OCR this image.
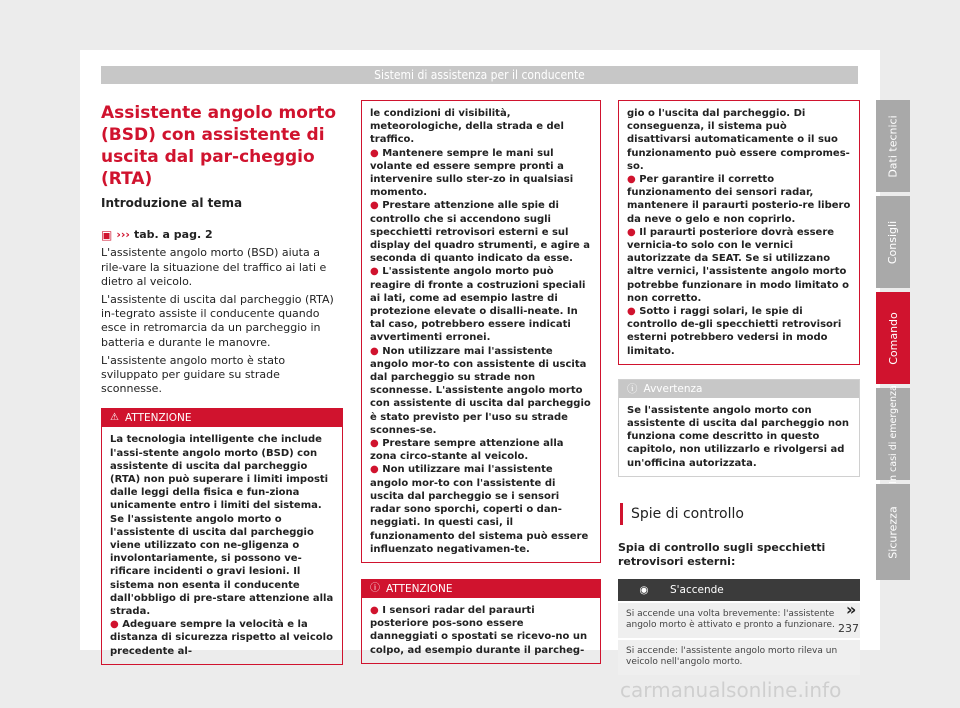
Sistemi di assistenza per il conducente
Assistente angolo morto (BSD) con assistente di uscita dal par-cheggio (RTA)
Introduzione al tema
▣ ››› tab. a pag. 2

L'assistente angolo morto (BSD) aiuta a rile-vare la situazione del traffico ai lati e dietro al veicolo.

L'assistente di uscita dal parcheggio (RTA) in-tegrato assiste il conducente quando esce in retromarcia da un parcheggio in batteria e durante le manovre.

L'assistente angolo morto è stato sviluppato per guidare su strade sconnesse.

⚠ ATTENZIONE
La tecnologia intelligente che include l'assi-stente angolo morto (BSD) con assistente di uscita dal parcheggio (RTA) non può superare i limiti imposti dalle leggi della fisica e fun-ziona unicamente entro i limiti del sistema. Se l'assistente angolo morto o l'assistente di uscita dal parcheggio viene utilizzato con ne-gligenza o involontariamente, si possono ve-rificare incidenti o gravi lesioni. Il sistema non esenta il conducente dall'obbligo di pre-stare attenzione alla strada.
● Adeguare sempre la velocità e la distanza di sicurezza rispetto al veicolo precedente al-
le condizioni di visibilità, meteorologiche, della strada e del traffico.
● Mantenere sempre le mani sul volante ed essere sempre pronti a intervenire sullo ster-zo in qualsiasi momento.
● Prestare attenzione alle spie di controllo che si accendono sugli specchietti retrovisori esterni e sul display del quadro strumenti, e agire a seconda di quanto indicato da esse.
● L'assistente angolo morto può reagire di fronte a costruzioni speciali ai lati, come ad esempio lastre di protezione elevate o disalli-neate. In tal caso, potrebbero essere indicati avvertimenti erronei.
● Non utilizzare mai l'assistente angolo mor-to con assistente di uscita dal parcheggio su strade non sconnesse. L'assistente angolo morto con assistente di uscita dal parcheggio è stato previsto per l'uso su strade sconnes-se.
● Prestare sempre attenzione alla zona circo-stante al veicolo.
● Non utilizzare mai l'assistente angolo mor-to con l'assistente di uscita dal parcheggio se i sensori radar sono sporchi, coperti o dan-neggiati. In questi casi, il funzionamento del sistema può essere influenzato negativamen-te.
ⓘ ATTENZIONE
● I sensori radar del paraurti posteriore pos-sono essere danneggiati o spostati se ricevo-no un colpo, ad esempio durante il parcheg-
gio o l'uscita dal parcheggio. Di conseguenza, il sistema può disattivarsi automaticamente o il suo funzionamento può essere compromes-so.
● Per garantire il corretto funzionamento dei sensori radar, mantenere il paraurti posterio-re libero da neve o gelo e non coprirlo.
● Il paraurti posteriore dovrà essere vernicia-to solo con le vernici autorizzate da SEAT. Se si utilizzano altre vernici, l'assistente angolo morto potrebbe funzionare in modo limitato o non corretto.
● Sotto i raggi solari, le spie di controllo de-gli specchietti retrovisori esterni potrebbero vedersi in modo limitato.
ⓘ Avvertenza
Se l'assistente angolo morto con assistente di uscita dal parcheggio non funziona come descritto in questo capitolo, non utilizzarlo e rivolgersi ad un'officina autorizzata.
Spie di controllo
Spia di controllo sugli specchietti retrovisori esterni:
◉	S'accende
Si accende una volta brevemente: l'assistente angolo morto è attivato e pronto a funzionare.
Si accende: l'assistente angolo morto rileva un veicolo nell'angolo morto.
Dati tecnici
Consigli
Comando
In casi di emergenza
Sicurezza
»
237
carmanualsonline.info
